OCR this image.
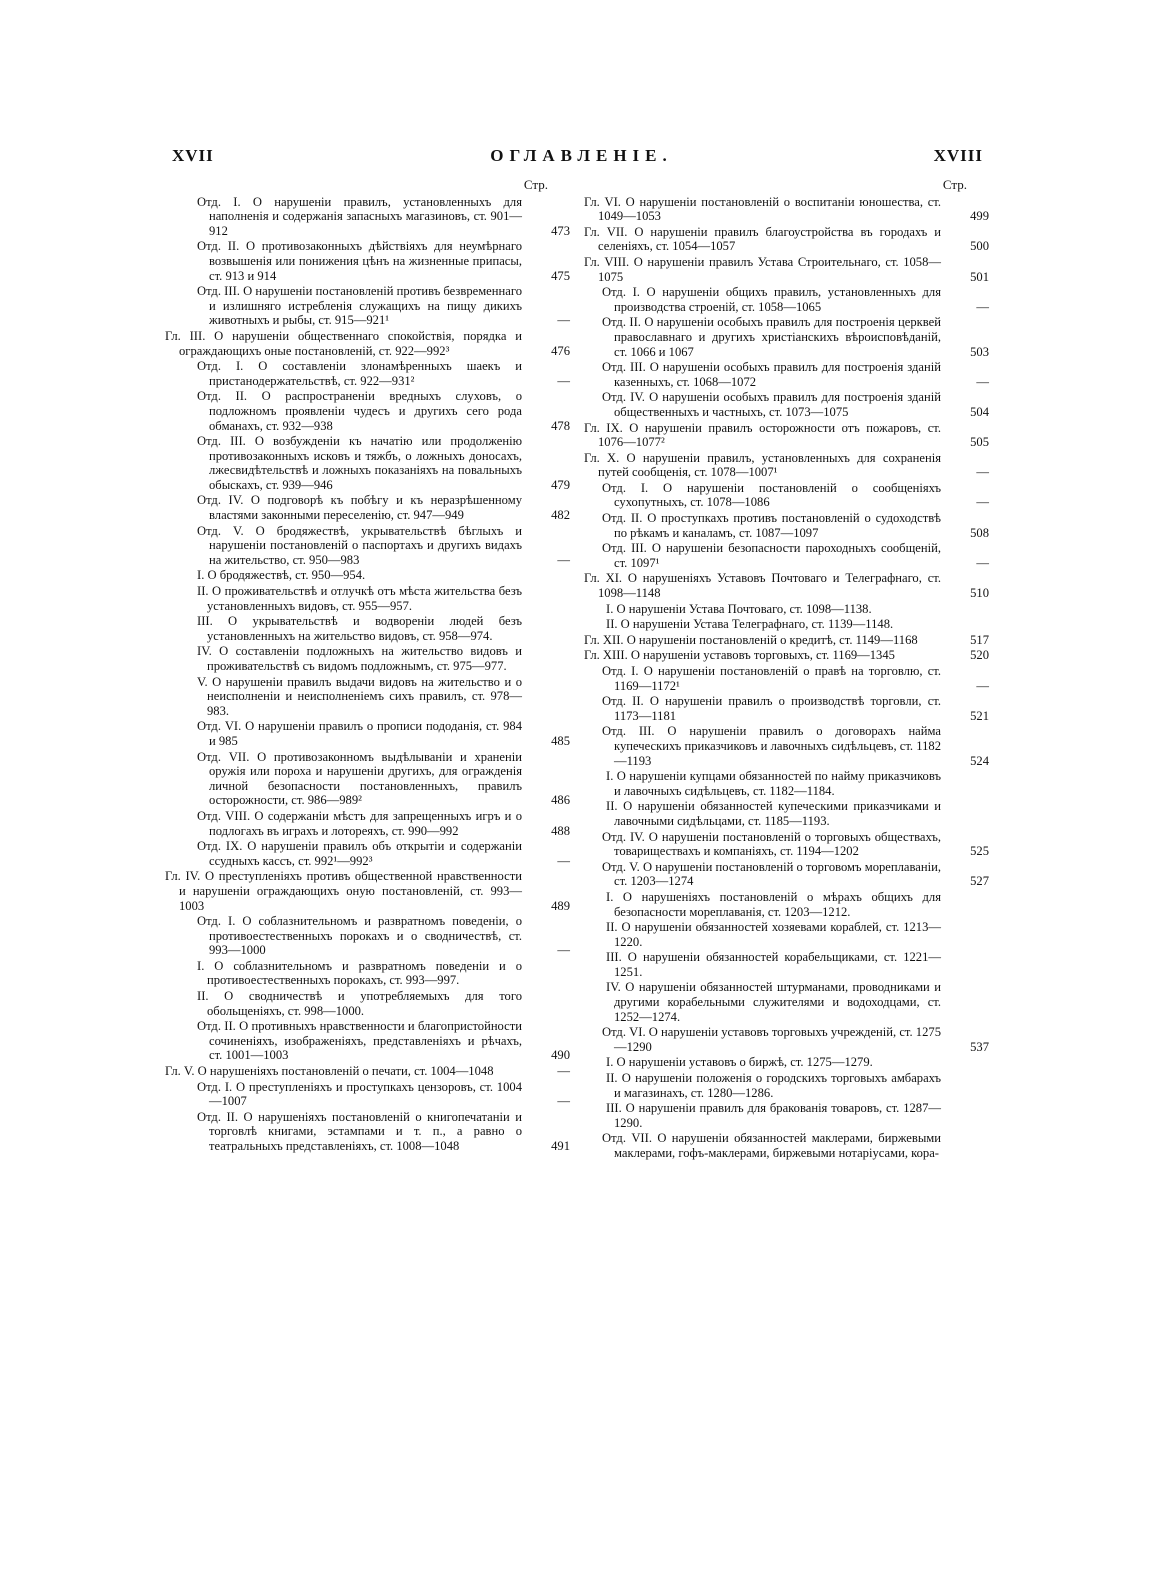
XVII	ОГЛАВЛЕНІЕ.	XVIII
Стр.
Отд. I. О нарушеніи правилъ, установленныхъ для наполненія и содержанія запасныхъ магазиновъ, ст. 901—912	473
Отд. II. О противозаконныхъ дѣйствіяхъ для неумѣрнаго возвышенія или понижения цѣнъ на жизненные припасы, ст. 913 и 914	475
Отд. III. О нарушеніи постановленій противъ безвременнаго и излишняго истребленія служащихъ на пищу дикихъ животныхъ и рыбы, ст. 915—921¹	—
Гл. III. О нарушеніи общественнаго спокойствія, порядка и ограждающихъ оные постановленій, ст. 922—992³	476
Отд. I. О составленіи злонамѣренныхъ шаекъ и пристанодержательствѣ, ст. 922—931²	—
Отд. II. О распространеніи вредныхъ слуховъ, о подложномъ проявленіи чудесъ и другихъ сего рода обманахъ, ст. 932—938	478
Отд. III. О возбужденіи къ начатію или продолженію противозаконныхъ исковъ и тяжбъ, о ложныхъ доносахъ, лжесвидѣтельствѣ и ложныхъ показаніяхъ на повальныхъ обыскахъ, ст. 939—946	479
Отд. IV. О подговорѣ къ побѣгу и къ неразрѣшенному властями законными переселенію, ст. 947—949	482
Отд. V. О бродяжествѣ, укрывательствѣ бѣглыхъ и нарушеніи постановленій о паспортахъ и другихъ видахъ на жительство, ст. 950—983	—
I. О бродяжествѣ, ст. 950—954.
II. О проживательствѣ и отлучкѣ отъ мѣста жительства безъ установленныхъ видовъ, ст. 955—957.
III. О укрывательствѣ и водвореніи людей безъ установленныхъ на жительство видовъ, ст. 958—974.
IV. О составленіи подложныхъ на жительство видовъ и проживательствѣ съ видомъ подложнымъ, ст. 975—977.
V. О нарушеніи правилъ выдачи видовъ на жительство и о неисполненіи и неисполненіемъ сихъ правилъ, ст. 978—983.
Отд. VI. О нарушеніи правилъ о прописи пододанія, ст. 984 и 985	485
Отд. VII. О противозаконномъ выдѣлываніи и храненіи оружія или пороха и нарушеніи другихъ, для огражденія личной безопасности постановленныхъ, правилъ осторожности, ст. 986—989²	486
Отд. VIII. О содержаніи мѣстъ для запрещенныхъ игръ и о подлогахъ въ играхъ и лотореяхъ, ст. 990—992	488
Отд. IX. О нарушеніи правилъ объ открытіи и содержаніи ссудныхъ кассъ, ст. 992¹—992³	—
Гл. IV. О преступленіяхъ противъ общественной нравственности и нарушеніи ограждающихъ оную постановленій, ст. 993—1003	489
Отд. I. О соблазнительномъ и развратномъ поведеніи, о противоестественныхъ порокахъ и о сводничествѣ, ст. 993—1000	—
I. О соблазнительномъ и развратномъ поведеніи и о противоестественныхъ порокахъ, ст. 993—997.
II. О сводничествѣ и употребляемыхъ для того обольщеніяхъ, ст. 998—1000.
Отд. II. О противныхъ нравственности и благопристойности сочиненіяхъ, изображеніяхъ, представленіяхъ и рѣчахъ, ст. 1001—1003	490
Гл. V. О нарушеніяхъ постановленій о печати, ст. 1004—1048	—
Отд. I. О преступленіяхъ и проступкахъ цензоровъ, ст. 1004—1007	—
Отд. II. О нарушеніяхъ постановленій о книгопечатаніи и торговлѣ книгами, эстампами и т. п., а равно о театральныхъ представленіяхъ, ст. 1008—1048	491
Стр.
Гл. VI. О нарушеніи постановленій о воспитаніи юношества, ст. 1049—1053	499
Гл. VII. О нарушеніи правилъ благоустройства въ городахъ и селеніяхъ, ст. 1054—1057	500
Гл. VIII. О нарушеніи правилъ Устава Строительнаго, ст. 1058—1075	501
Отд. I. О нарушеніи общихъ правилъ, установленныхъ для производства строеній, ст. 1058—1065	—
Отд. II. О нарушеніи особыхъ правилъ для построенія церквей православнаго и другихъ христіанскихъ вѣроисповѣданій, ст. 1066 и 1067	503
Отд. III. О нарушеніи особыхъ правилъ для построенія зданій казенныхъ, ст. 1068—1072	—
Отд. IV. О нарушеніи особыхъ правилъ для построенія зданій общественныхъ и частныхъ, ст. 1073—1075	504
Гл. IX. О нарушеніи правилъ осторожности отъ пожаровъ, ст. 1076—1077²	505
Гл. X. О нарушеніи правилъ, установленныхъ для сохраненія путей сообщенія, ст. 1078—1007¹	—
Отд. I. О нарушеніи постановленій о сообщеніяхъ сухопутныхъ, ст. 1078—1086	—
Отд. II. О проступкахъ противъ постановленій о судоходствѣ по рѣкамъ и каналамъ, ст. 1087—1097	508
Отд. III. О нарушеніи безопасности пароходныхъ сообщеній, ст. 1097¹	—
Гл. XI. О нарушеніяхъ Уставовъ Почтоваго и Телеграфнаго, ст. 1098—1148	510
I. О нарушеніи Устава Почтоваго, ст. 1098—1138.
II. О нарушеніи Устава Телеграфнаго, ст. 1139—1148.
Гл. XII. О нарушеніи постановленій о кредитѣ, ст. 1149—1168	517
Гл. XIII. О нарушеніи уставовъ торговыхъ, ст. 1169—1345	520
Отд. I. О нарушеніи постановленій о правѣ на торговлю, ст. 1169—1172¹	—
Отд. II. О нарушеніи правилъ о производствѣ торговли, ст. 1173—1181	521
Отд. III. О нарушеніи правилъ о договорахъ найма купеческихъ приказчиковъ и лавочныхъ сидѣльцевъ, ст. 1182—1193	524
I. О нарушеніи купцами обязанностей по найму приказчиковъ и лавочныхъ сидѣльцевъ, ст. 1182—1184.
II. О нарушеніи обязанностей купеческими приказчиками и лавочными сидѣльцами, ст. 1185—1193.
Отд. IV. О нарушеніи постановленій о торговыхъ обществахъ, товариществахъ и компаніяхъ, ст. 1194—1202	525
Отд. V. О нарушеніи постановленій о торговомъ мореплаваніи, ст. 1203—1274	527
I. О нарушеніяхъ постановленій о мѣрахъ общихъ для безопасности мореплаванія, ст. 1203—1212.
II. О нарушеніи обязанностей хозяевами кораблей, ст. 1213—1220.
III. О нарушеніи обязанностей корабельщиками, ст. 1221—1251.
IV. О нарушеніи обязанностей штурманами, проводниками и другими корабельными служителями и водоходцами, ст. 1252—1274.
Отд. VI. О нарушеніи уставовъ торговыхъ учрежденій, ст. 1275—1290	537
I. О нарушеніи уставовъ о биржѣ, ст. 1275—1279.
II. О нарушеніи положенія о городскихъ торговыхъ амбарахъ и магазинахъ, ст. 1280—1286.
III. О нарушеніи правилъ для бракованія товаровъ, ст. 1287—1290.
Отд. VII. О нарушеніи обязанностей маклерами, биржевыми маклерами, гофъ-маклерами, биржевыми нотаріусами, кора-
